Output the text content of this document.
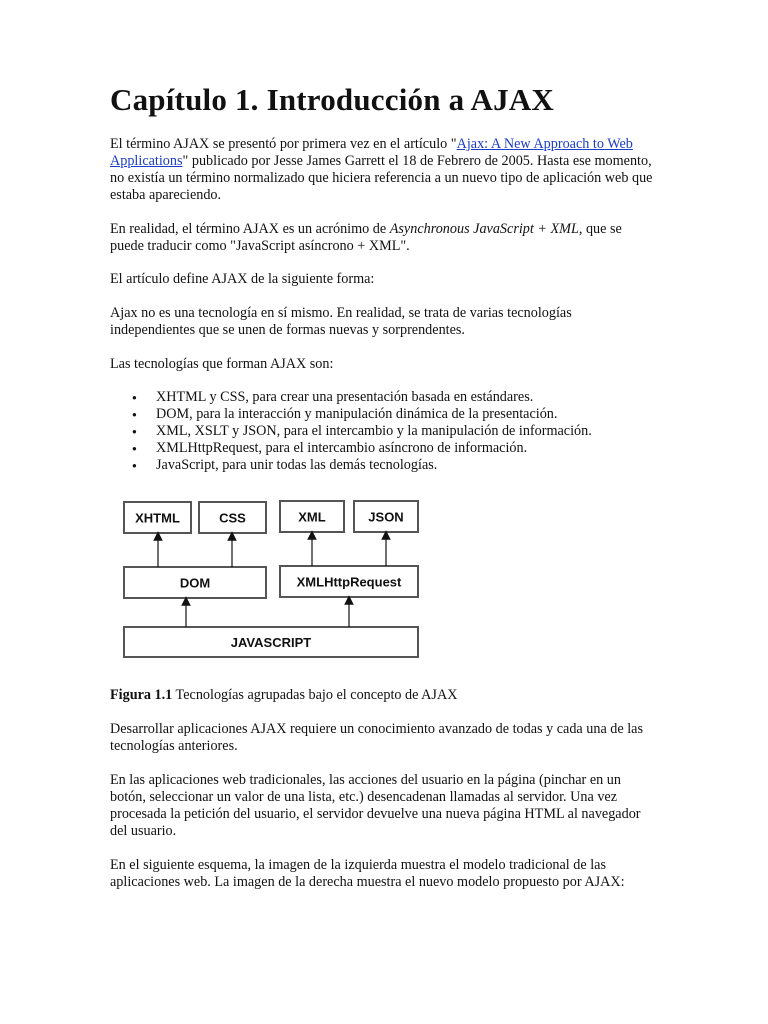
Capítulo 1. Introducción a AJAX

El término AJAX se presentó por primera vez en el artículo "Ajax: A New Approach to Web Applications" publicado por Jesse James Garrett el 18 de Febrero de 2005. Hasta ese momento, no existía un término normalizado que hiciera referencia a un nuevo tipo de aplicación web que estaba apareciendo.

En realidad, el término AJAX es un acrónimo de Asynchronous JavaScript + XML, que se puede traducir como "JavaScript asíncrono + XML".

El artículo define AJAX de la siguiente forma:

Ajax no es una tecnología en sí mismo. En realidad, se trata de varias tecnologías independientes que se unen de formas nuevas y sorprendentes.

Las tecnologías que forman AJAX son:

● XHTML y CSS, para crear una presentación basada en estándares.
● DOM, para la interacción y manipulación dinámica de la presentación.
● XML, XSLT y JSON, para el intercambio y la manipulación de información.
● XMLHttpRequest, para el intercambio asíncrono de información.
● JavaScript, para unir todas las demás tecnologías.
XHTML	CSS	XML	JSON
DOM	XMLHttpRequest
JAVASCRIPT
Figura 1.1 Tecnologías agrupadas bajo el concepto de AJAX

Desarrollar aplicaciones AJAX requiere un conocimiento avanzado de todas y cada una de las tecnologías anteriores.

En las aplicaciones web tradicionales, las acciones del usuario en la página (pinchar en un botón, seleccionar un valor de una lista, etc.) desencadenan llamadas al servidor. Una vez procesada la petición del usuario, el servidor devuelve una nueva página HTML al navegador del usuario.

En el siguiente esquema, la imagen de la izquierda muestra el modelo tradicional de las aplicaciones web. La imagen de la derecha muestra el nuevo modelo propuesto por AJAX:
